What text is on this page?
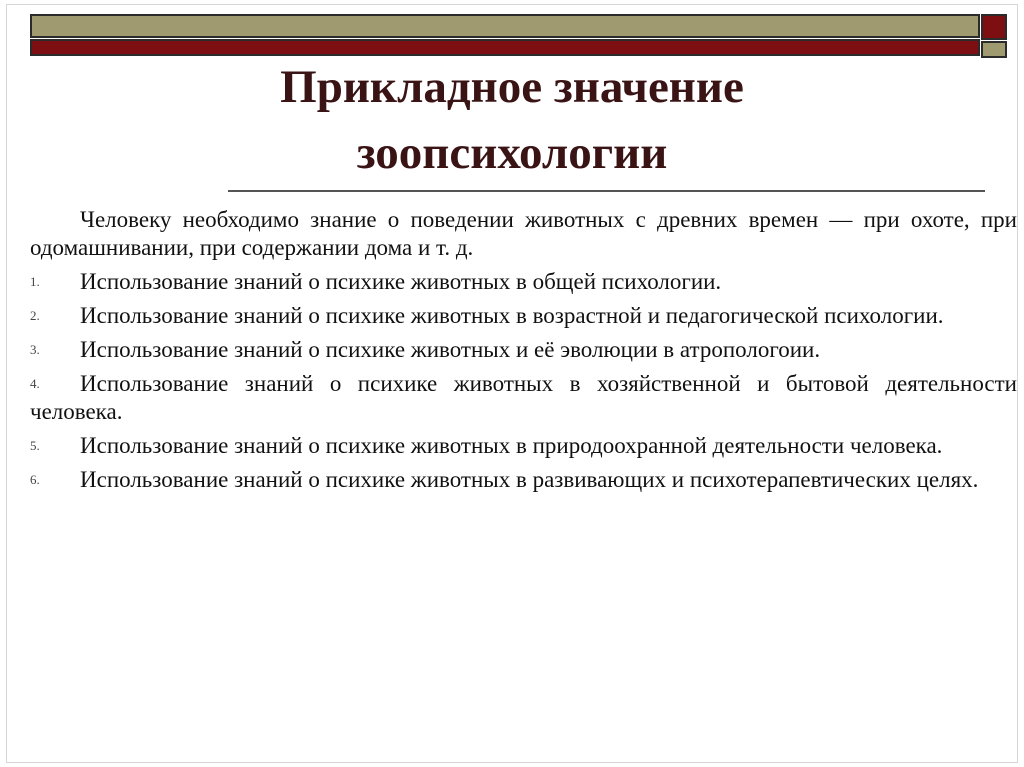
Прикладное значение
зоопсихологии

Человеку необходимо знание о поведении животных с древних времен — при охоте, при одомашнивании, при содержании дома и т. д.

1. Использование знаний о психике животных в общей психологии.

2. Использование знаний о психике животных в возрастной и педагогической психологии.

3. Использование знаний о психике животных и её эволюции в атропологоии.

4. Использование знаний о психике животных в хозяйственной и бытовой деятельности человека.

5. Использование знаний о психике животных в природоохранной деятельности человека.

6. Использование знаний о психике животных в развивающих и психотерапевтических целях.
